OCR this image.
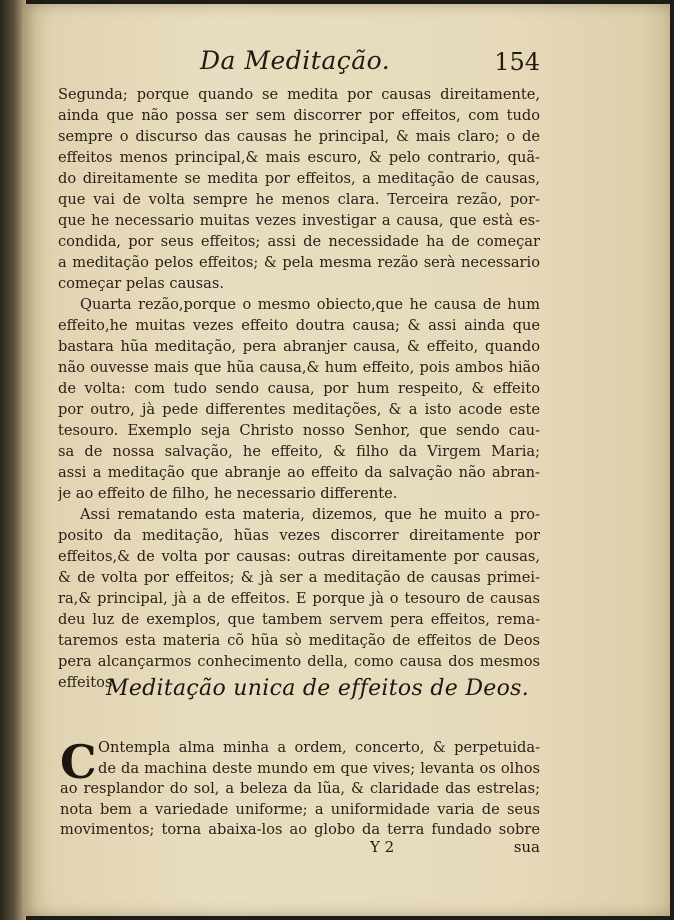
Da Meditação.	154
Segunda; porque quando se medita por causas direitamente,
ainda que não possa ser sem discorrer por effeitos, com tudo
sempre o discurso das causas he principal, & mais claro; o de
effeitos menos principal,& mais escuro, & pelo contrario, quã-
do direitamente se medita por effeitos, a meditação de causas,
que vai de volta sempre he menos clara. Terceira rezão, por-
que he necessario muitas vezes investigar a causa, que està es-
condida, por seus effeitos; assi de necessidade ha de começar
a meditação pelos effeitos; & pela mesma rezão serà necessario
começar pelas causas.
Quarta rezão,porque o mesmo obiecto,que he causa de hum
effeito,he muitas vezes effeito doutra causa; & assi ainda que
bastara hũa meditação, pera abranjer causa, & effeito, quando
não ouvesse mais que hũa causa,& hum effeito, pois ambos hião
de volta: com tudo sendo causa, por hum respeito, & effeito
por outro, jà pede differentes meditações, & a isto acode este
tesouro. Exemplo seja Christo nosso Senhor, que sendo cau-
sa de nossa salvação, he effeito, & filho da Virgem Maria;
assi a meditação que abranje ao effeito da salvação não abran-
je ao effeito de filho, he necessario differente.
Assi rematando esta materia, dizemos, que he muito a pro-
posito da meditação, hũas vezes discorrer direitamente por
effeitos,& de volta por causas: outras direitamente por causas,
& de volta por effeitos; & jà ser a meditação de causas primei-
ra,& principal, jà a de effeitos. E porque jà o tesouro de causas
deu luz de exemplos, que tambem servem pera effeitos, rema-
taremos esta materia cõ hũa sò meditação de effeitos de Deos
pera alcançarmos conhecimento della, como causa dos mesmos
effeitos.
Meditação unica de effeitos de Deos.
C Ontempla alma minha a ordem, concerto, & perpetuida-
de da machina deste mundo em que vives; levanta os olhos
ao resplandor do sol, a beleza da lũa, & claridade das estrelas;
nota bem a variedade uniforme; a uniformidade varia de seus
movimentos; torna abaixa-los ao globo da terra fundado sobre
Y 2	sua
